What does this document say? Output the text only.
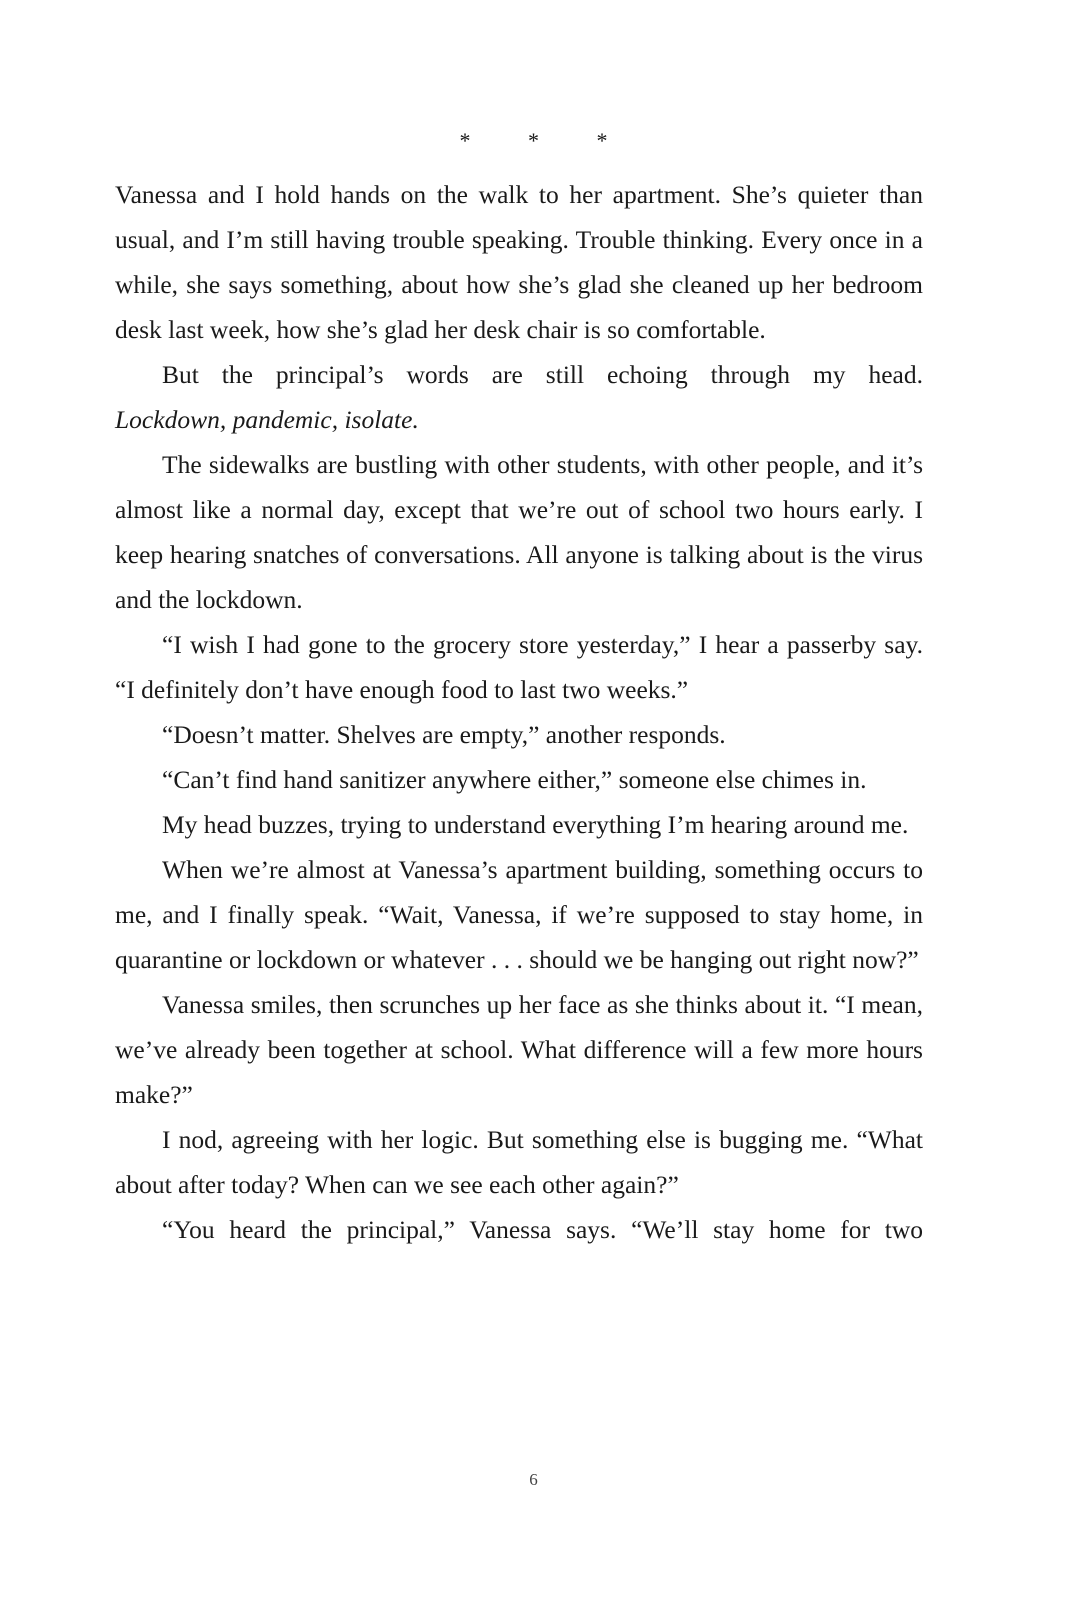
* * *

Vanessa and I hold hands on the walk to her apartment. She’s quieter than usual, and I’m still having trouble speaking. Trouble thinking. Every once in a while, she says something, about how she’s glad she cleaned up her bedroom desk last week, how she’s glad her desk chair is so comfortable.

But the principal’s words are still echoing through my head.

Lockdown, pandemic, isolate.

The sidewalks are bustling with other students, with other people, and it’s almost like a normal day, except that we’re out of school two hours early. I keep hearing snatches of conversations. All anyone is talking about is the virus and the lockdown.

“I wish I had gone to the grocery store yesterday,” I hear a passerby say. “I definitely don’t have enough food to last two weeks.”

“Doesn’t matter. Shelves are empty,” another responds.

“Can’t find hand sanitizer anywhere either,” someone else chimes in.

My head buzzes, trying to understand everything I’m hearing around me.

When we’re almost at Vanessa’s apartment building, something occurs to me, and I finally speak. “Wait, Vanessa, if we’re supposed to stay home, in quarantine or lockdown or whatever . . . should we be hanging out right now?”

Vanessa smiles, then scrunches up her face as she thinks about it. “I mean, we’ve already been together at school. What difference will a few more hours make?”

I nod, agreeing with her logic. But something else is bugging me. “What about after today? When can we see each other again?”

“You heard the principal,” Vanessa says. “We’ll stay home for two

6
